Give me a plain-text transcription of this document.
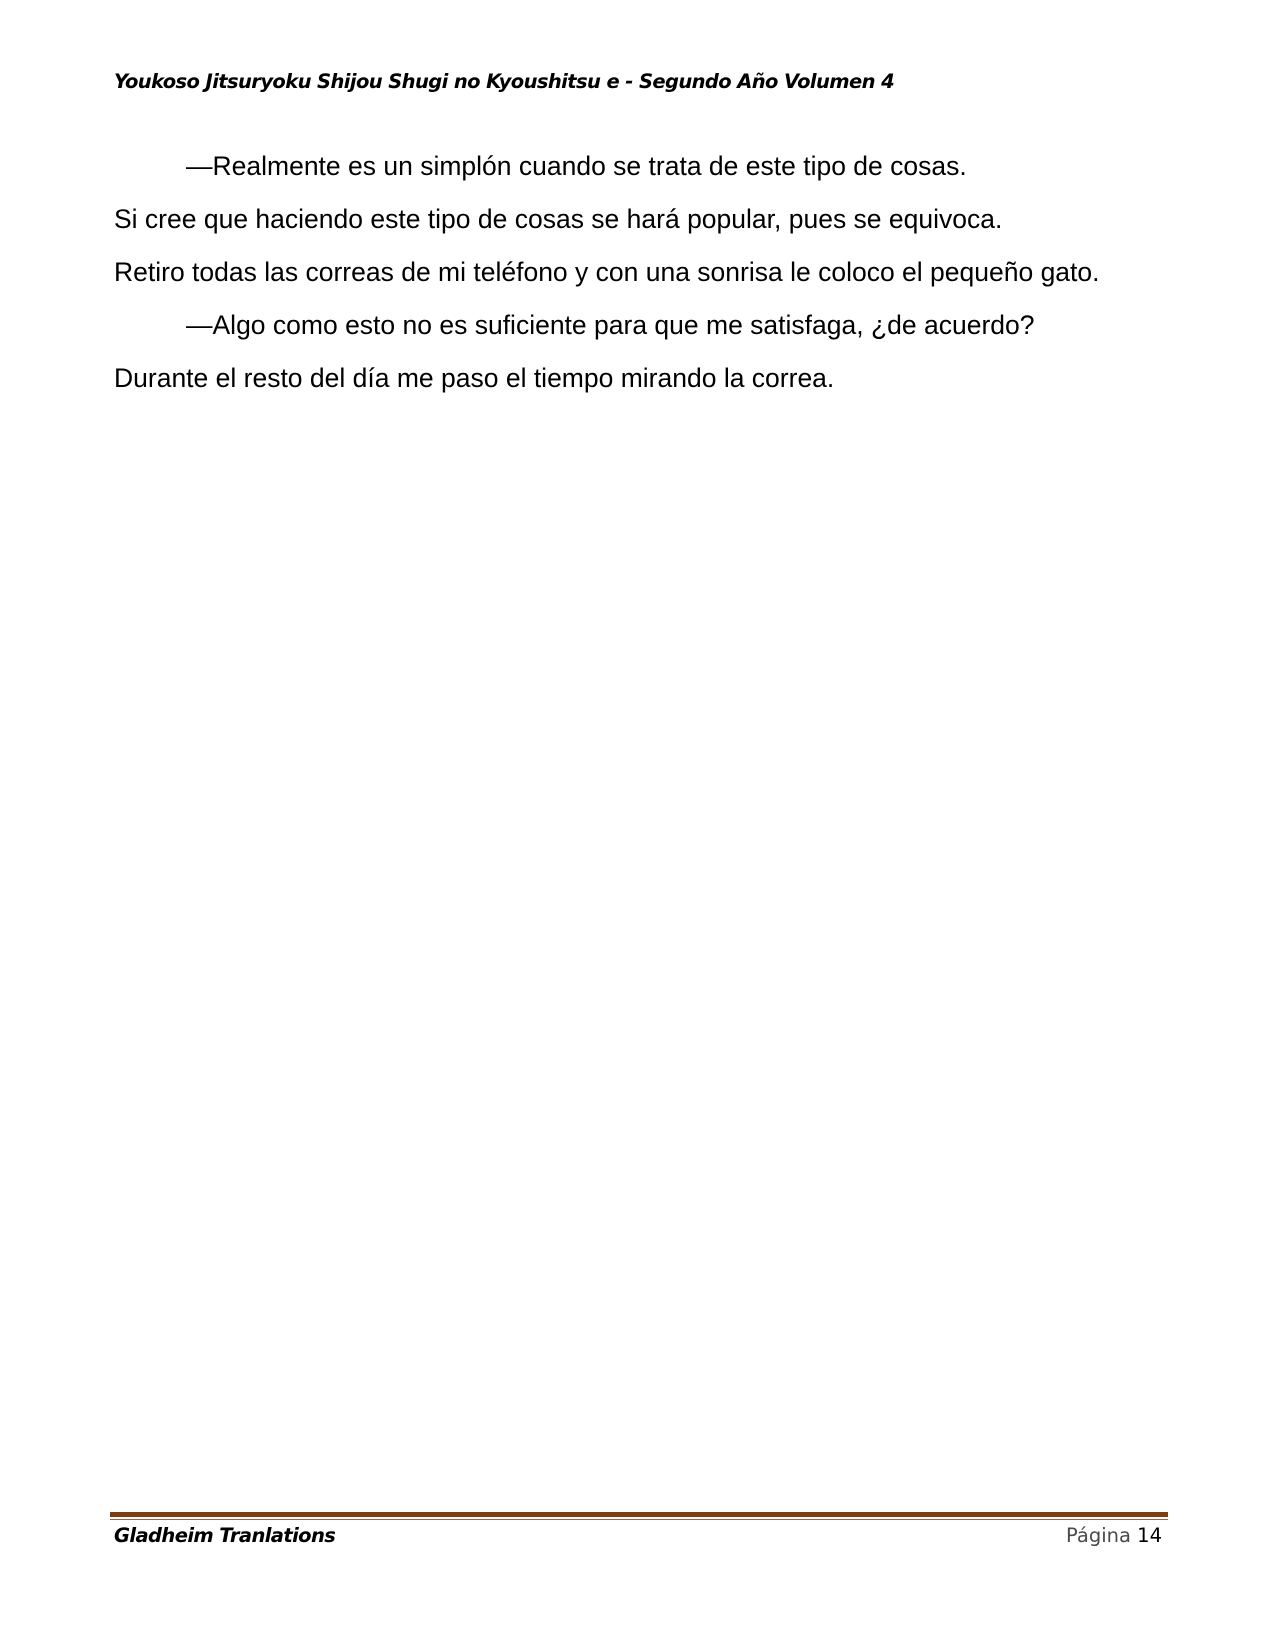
Youkoso Jitsuryoku Shijou Shugi no Kyoushitsu e - Segundo Año Volumen 4

—Realmente es un simplón cuando se trata de este tipo de cosas.

Si cree que haciendo este tipo de cosas se hará popular, pues se equivoca.

Retiro todas las correas de mi teléfono y con una sonrisa le coloco el pequeño gato.

—Algo como esto no es suficiente para que me satisfaga, ¿de acuerdo?

Durante el resto del día me paso el tiempo mirando la correa.

Gladheim Tranlations	Página 14
